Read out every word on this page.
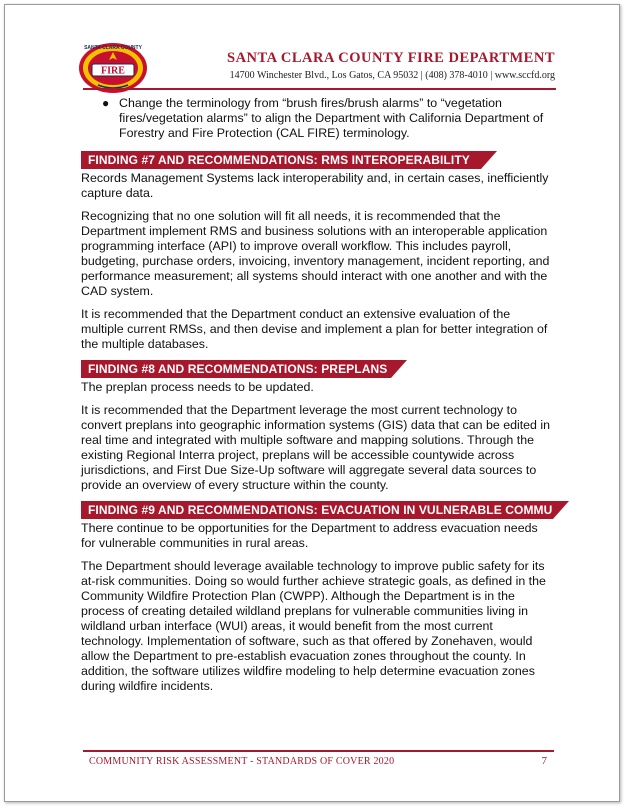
FIRE
SANTA CLARA COUNTY
SANTA CLARA COUNTY FIRE DEPARTMENT
14700 Winchester Blvd., Los Gatos, CA 95032 | (408) 378-4010 | www.sccfd.org
● Change the terminology from “brush fires/brush alarms” to “vegetation fires/vegetation alarms” to align the Department with California Department of Forestry and Fire Protection (CAL FIRE) terminology.
FINDING #7 AND RECOMMENDATIONS: RMS INTEROPERABILITY

Records Management Systems lack interoperability and, in certain cases, inefficiently capture data.

Recognizing that no one solution will fit all needs, it is recommended that the Department implement RMS and business solutions with an interoperable application programming interface (API) to improve overall workflow. This includes payroll, budgeting, purchase orders, invoicing, inventory management, incident reporting, and performance measurement; all systems should interact with one another and with the CAD system.

It is recommended that the Department conduct an extensive evaluation of the multiple current RMSs, and then devise and implement a plan for better integration of the multiple databases.

FINDING #8 AND RECOMMENDATIONS: PREPLANS

The preplan process needs to be updated.

It is recommended that the Department leverage the most current technology to convert preplans into geographic information systems (GIS) data that can be edited in real time and integrated with multiple software and mapping solutions. Through the existing Regional Interra project, preplans will be accessible countywide across jurisdictions, and First Due Size-Up software will aggregate several data sources to provide an overview of every structure within the county.

FINDING #9 AND RECOMMENDATIONS: EVACUATION IN VULNERABLE COMMUNITIES

There continue to be opportunities for the Department to address evacuation needs for vulnerable communities in rural areas.

The Department should leverage available technology to improve public safety for its at-risk communities. Doing so would further achieve strategic goals, as defined in the Community Wildfire Protection Plan (CWPP). Although the Department is in the process of creating detailed wildland preplans for vulnerable communities living in wildland urban interface (WUI) areas, it would benefit from the most current technology. Implementation of software, such as that offered by Zonehaven, would allow the Department to pre-establish evacuation zones throughout the county. In addition, the software utilizes wildfire modeling to help determine evacuation zones during wildfire incidents.

COMMUNITY RISK ASSESSMENT - STANDARDS OF COVER 2020	7
